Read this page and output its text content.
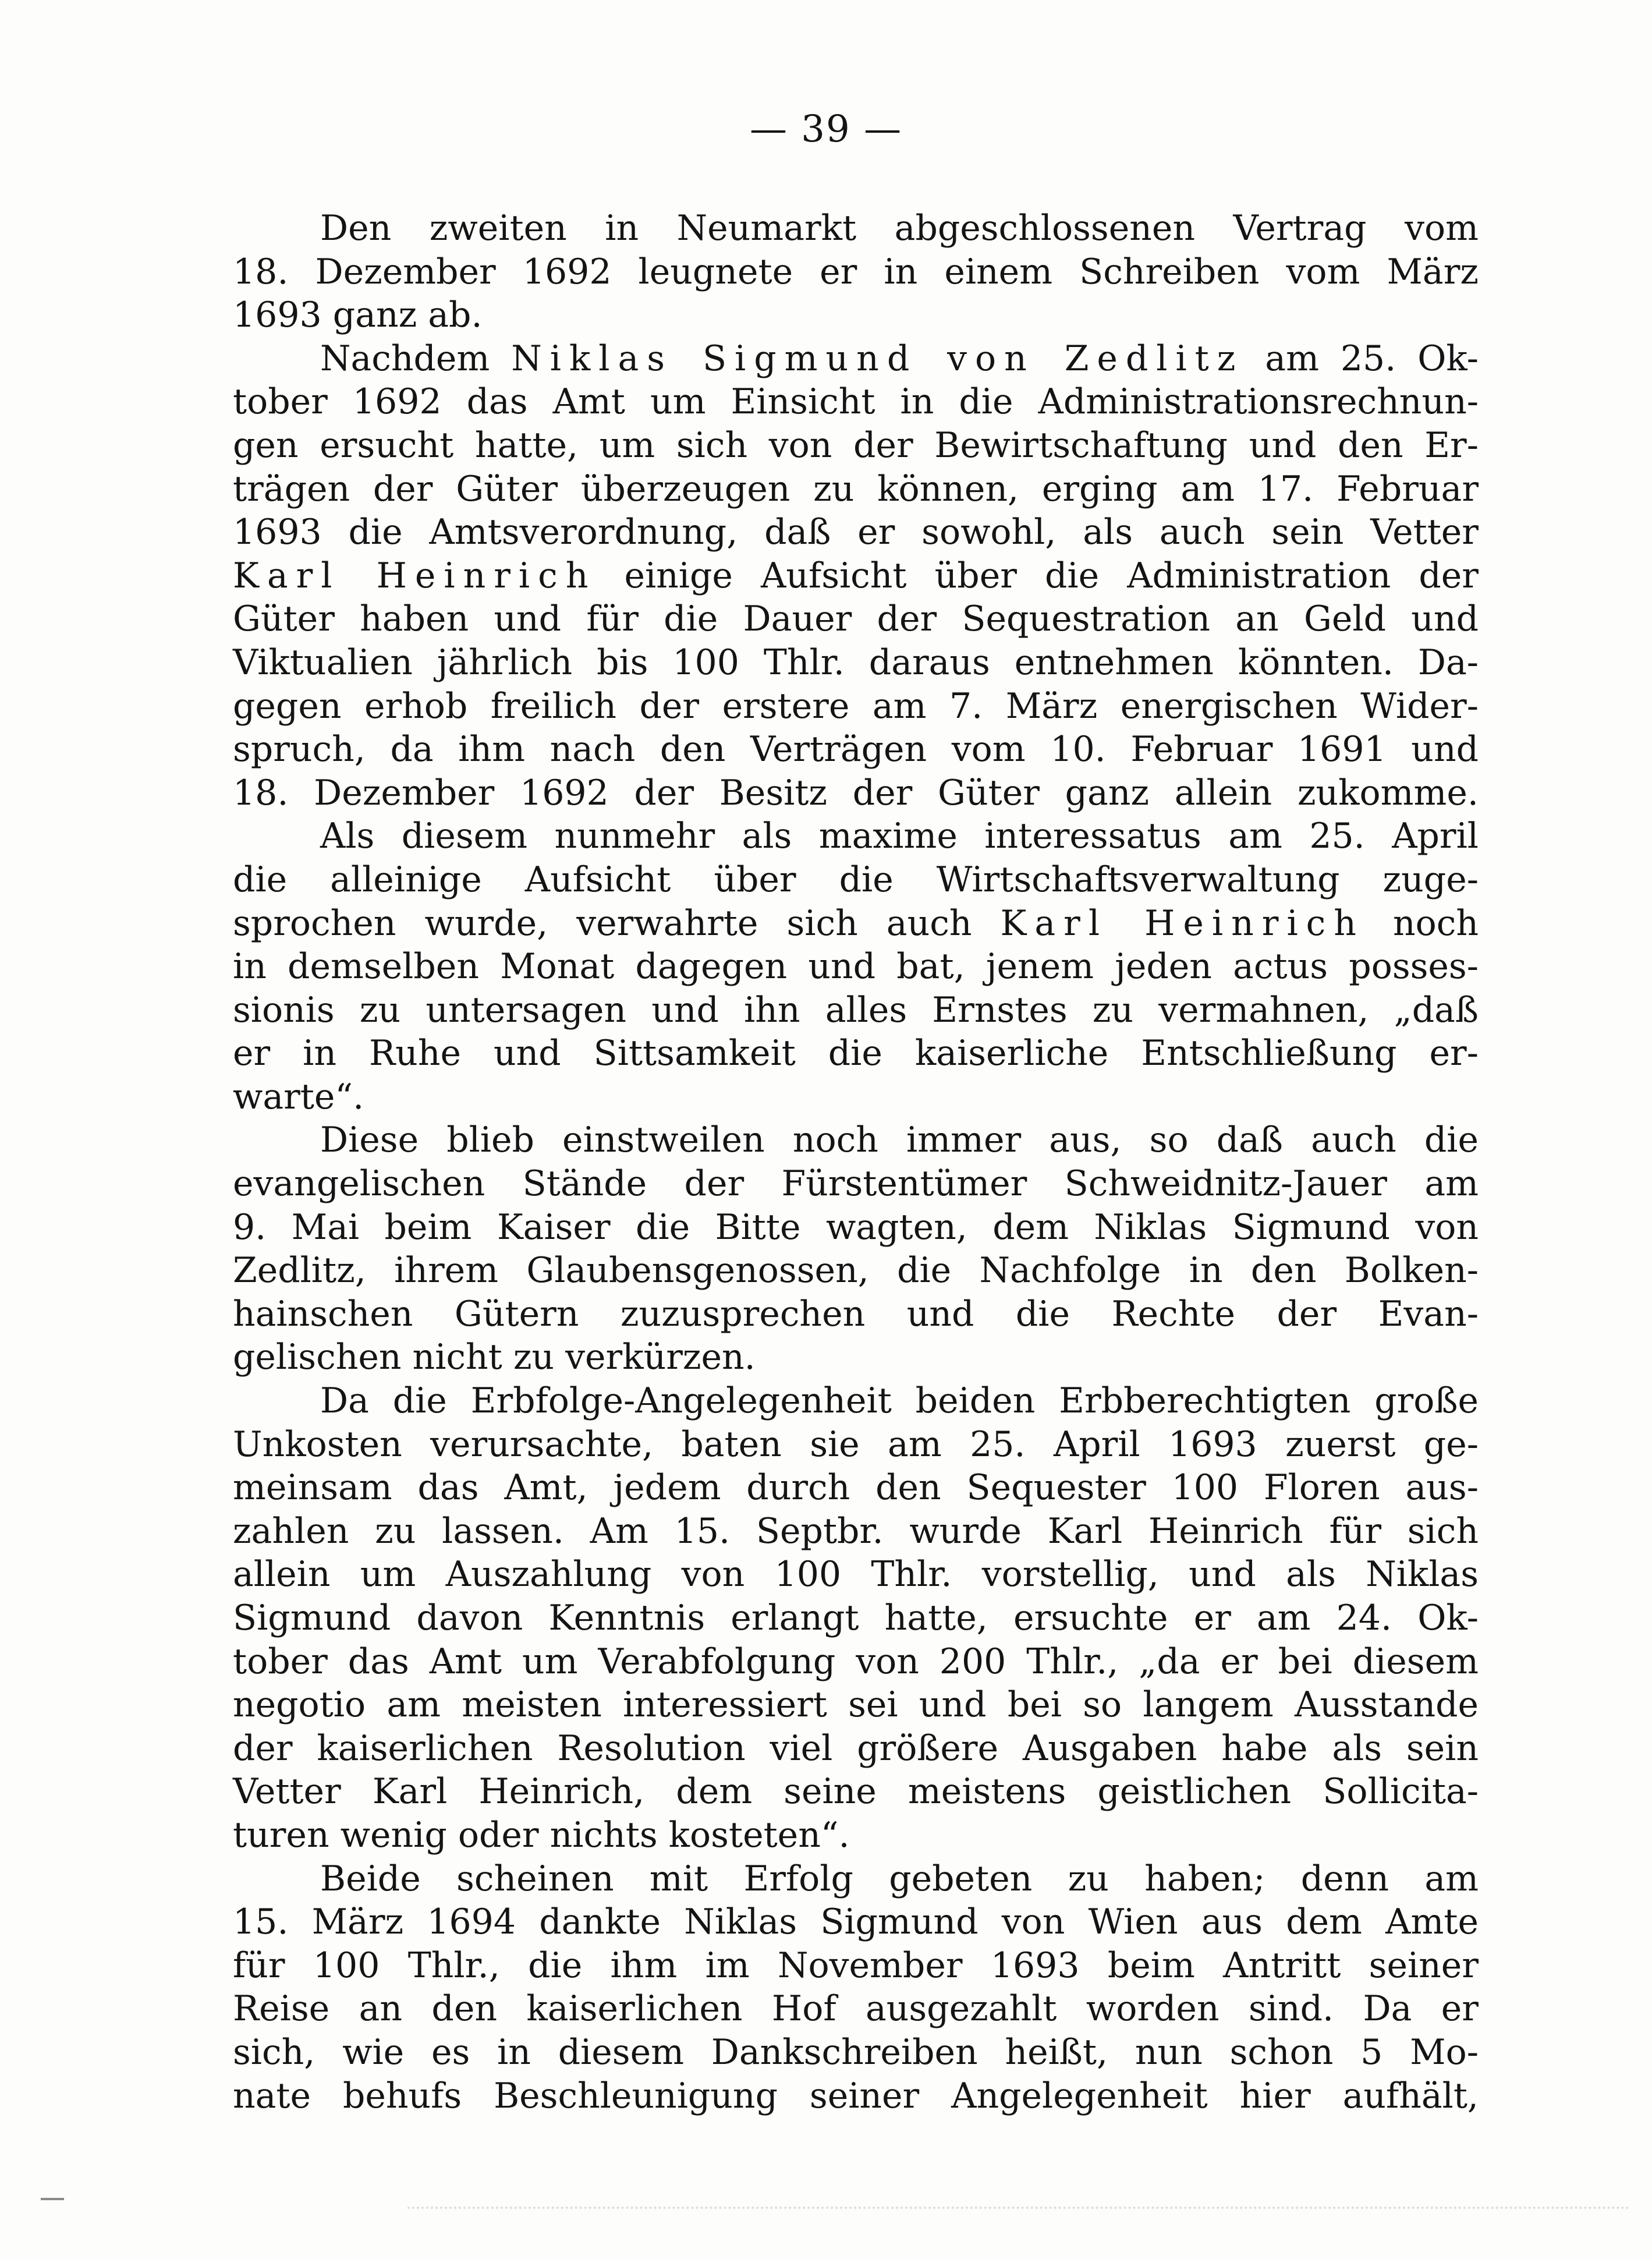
— 39 —
Den zweiten in Neumarkt abgeschlossenen Vertrag vom
18. Dezember 1692 leugnete er in einem Schreiben vom März
1693 ganz ab.
Nachdem Niklas Sigmund von Zedlitz am 25. Ok-
tober 1692 das Amt um Einsicht in die Administrationsrechnun-
gen ersucht hatte, um sich von der Bewirtschaftung und den Er-
trägen der Güter überzeugen zu können, erging am 17. Februar
1693 die Amtsverordnung, daß er sowohl, als auch sein Vetter
Karl Heinrich einige Aufsicht über die Administration der
Güter haben und für die Dauer der Sequestration an Geld und
Viktualien jährlich bis 100 Thlr. daraus entnehmen könnten. Da-
gegen erhob freilich der erstere am 7. März energischen Wider-
spruch, da ihm nach den Verträgen vom 10. Februar 1691 und
18. Dezember 1692 der Besitz der Güter ganz allein zukomme.
Als diesem nunmehr als maxime interessatus am 25. April
die alleinige Aufsicht über die Wirtschaftsverwaltung zuge-
sprochen wurde, verwahrte sich auch Karl Heinrich noch
in demselben Monat dagegen und bat, jenem jeden actus posses-
sionis zu untersagen und ihn alles Ernstes zu vermahnen, „daß
er in Ruhe und Sittsamkeit die kaiserliche Entschließung er-
warte“.
Diese blieb einstweilen noch immer aus, so daß auch die
evangelischen Stände der Fürstentümer Schweidnitz-Jauer am
9. Mai beim Kaiser die Bitte wagten, dem Niklas Sigmund von
Zedlitz, ihrem Glaubensgenossen, die Nachfolge in den Bolken-
hainschen Gütern zuzusprechen und die Rechte der Evan-
gelischen nicht zu verkürzen.
Da die Erbfolge-Angelegenheit beiden Erbberechtigten große
Unkosten verursachte, baten sie am 25. April 1693 zuerst ge-
meinsam das Amt, jedem durch den Sequester 100 Floren aus-
zahlen zu lassen. Am 15. Septbr. wurde Karl Heinrich für sich
allein um Auszahlung von 100 Thlr. vorstellig, und als Niklas
Sigmund davon Kenntnis erlangt hatte, ersuchte er am 24. Ok-
tober das Amt um Verabfolgung von 200 Thlr., „da er bei diesem
negotio am meisten interessiert sei und bei so langem Ausstande
der kaiserlichen Resolution viel größere Ausgaben habe als sein
Vetter Karl Heinrich, dem seine meistens geistlichen Sollicita-
turen wenig oder nichts kosteten“.
Beide scheinen mit Erfolg gebeten zu haben; denn am
15. März 1694 dankte Niklas Sigmund von Wien aus dem Amte
für 100 Thlr., die ihm im November 1693 beim Antritt seiner
Reise an den kaiserlichen Hof ausgezahlt worden sind. Da er
sich, wie es in diesem Dankschreiben heißt, nun schon 5 Mo-
nate behufs Beschleunigung seiner Angelegenheit hier aufhält,
